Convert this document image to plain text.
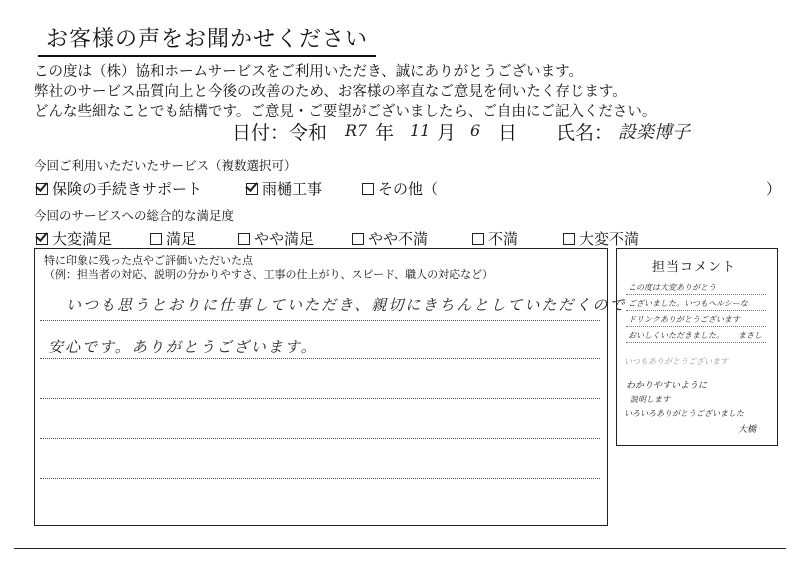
お客様の声をお聞かせください
この度は（株）協和ホームサービスをご利用いただき、誠にありがとうございます。
弊社のサービス品質向上と今後の改善のため、お客様の率直なご意見を伺いたく存じます。
どんな些細なことでも結構です。ご意見・ご要望がございましたら、ご自由にご記入ください。
日付：令和 R7 年 11 月 6 日 氏名： 設楽博子
今回ご利用いただいたサービス（複数選択可）
保険の手続きサポート	雨樋工事	その他（	）
今回のサービスへの総合的な満足度
大変満足	満足	やや満足	やや不満	不満	大変不満
特に印象に残った点やご評価いただいた点
（例：担当者の対応、説明の分かりやすさ、工事の仕上がり、スピード、職人の対応など）
いつも思うとおりに仕事していただき、親切にきちんとしていただくので
安心です。ありがとうございます。
担当コメント
この度は大変ありがとう
ございました。いつもヘルシーな
ドリンクありがとうございます
おいしくいただきました。 まさし
いつもありがとうございます
わかりやすいように
説明します
いろいろありがとうございました
大橋
